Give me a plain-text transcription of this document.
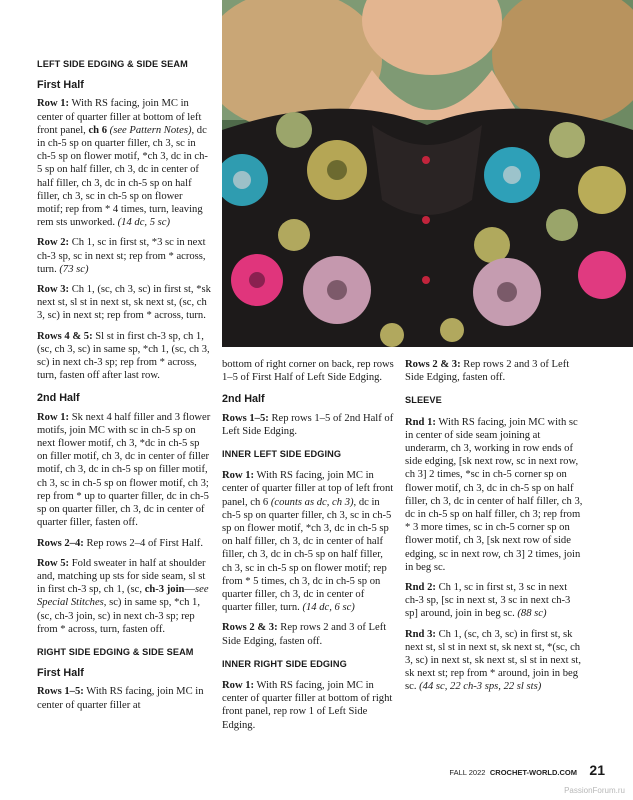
LEFT SIDE EDGING & SIDE SEAM
First Half

Row 1: With RS facing, join MC in center of quarter filler at bottom of left front panel, ch 6 (see Pattern Notes), dc in ch-5 sp on quarter filler, ch 3, sc in ch-5 sp on flower motif, *ch 3, dc in ch-5 sp on half filler, ch 3, dc in center of half filler, ch 3, dc in ch-5 sp on half filler, ch 3, sc in ch-5 sp on flower motif; rep from * 4 times, turn, leaving rem sts unworked. (14 dc, 5 sc)

Row 2: Ch 1, sc in first st, *3 sc in next ch-3 sp, sc in next st; rep from * across, turn. (73 sc)

Row 3: Ch 1, (sc, ch 3, sc) in first st, *sk next st, sl st in next st, sk next st, (sc, ch 3, sc) in next st; rep from * across, turn.

Rows 4 & 5: Sl st in first ch-3 sp, ch 1, (sc, ch 3, sc) in same sp, *ch 1, (sc, ch 3, sc) in next ch-3 sp; rep from * across, turn, fasten off after last row.

2nd Half

Row 1: Sk next 4 half filler and 3 flower motifs, join MC with sc in ch-5 sp on next flower motif, ch 3, *dc in ch-5 sp on filler motif, ch 3, dc in center of filler motif, ch 3, dc in ch-5 sp on filler motif, ch 3, sc in ch-5 sp on flower motif, ch 3; rep from * up to quarter filler, dc in ch-5 sp on quarter filler, ch 3, dc in center of quarter filler, fasten off.

Rows 2–4: Rep rows 2–4 of First Half.

Row 5: Fold sweater in half at shoulder and, matching up sts for side seam, sl st in first ch-3 sp, ch 1, (sc, ch-3 join—see Special Stitches, sc) in same sp, *ch 1, (sc, ch-3 join, sc) in next ch-3 sp; rep from * across, turn, fasten off.

RIGHT SIDE EDGING & SIDE SEAM
First Half

Rows 1–5: With RS facing, join MC in center of quarter filler at

bottom of right corner on back, rep rows 1–5 of First Half of Left Side Edging.

2nd Half

Rows 1–5: Rep rows 1–5 of 2nd Half of Left Side Edging.

INNER LEFT SIDE EDGING

Row 1: With RS facing, join MC in center of quarter filler at top of left front panel, ch 6 (counts as dc, ch 3), dc in ch-5 sp on quarter filler, ch 3, sc in ch-5 sp on flower motif, *ch 3, dc in ch-5 sp on half filler, ch 3, dc in center of half filler, ch 3, dc in ch-5 sp on half filler, ch 3, sc in ch-5 sp on flower motif; rep from * 5 times, ch 3, dc in ch-5 sp on quarter filler, ch 3, dc in center of quarter filler, turn. (14 dc, 6 sc)

Rows 2 & 3: Rep rows 2 and 3 of Left Side Edging, fasten off.

INNER RIGHT SIDE EDGING

Row 1: With RS facing, join MC in center of quarter filler at bottom of right front panel, rep row 1 of Left Side Edging.

Rows 2 & 3: Rep rows 2 and 3 of Left Side Edging, fasten off.

SLEEVE

Rnd 1: With RS facing, join MC with sc in center of side seam joining at underarm, ch 3, working in row ends of side edging, [sk next row, sc in next row, ch 3] 2 times, *sc in ch-5 corner sp on flower motif, ch 3, dc in ch-5 sp on half filler, ch 3, dc in center of half filler, ch 3, dc in ch-5 sp on half filler, ch 3; rep from * 3 more times, sc in ch-5 corner sp on flower motif, ch 3, [sk next row of side edging, sc in next row, ch 3] 2 times, join in beg sc.

Rnd 2: Ch 1, sc in first st, 3 sc in next ch-3 sp, [sc in next st, 3 sc in next ch-3 sp] around, join in beg sc. (88 sc)

Rnd 3: Ch 1, (sc, ch 3, sc) in first st, sk next st, sl st in next st, sk next st, *(sc, ch 3, sc) in next st, sk next st, sl st in next st, sk next st; rep from * around, join in beg sc. (44 sc, 22 ch-3 sps, 22 sl sts)

FALL 2022 CROCHET-WORLD.COM 21
PassionForum.ru
